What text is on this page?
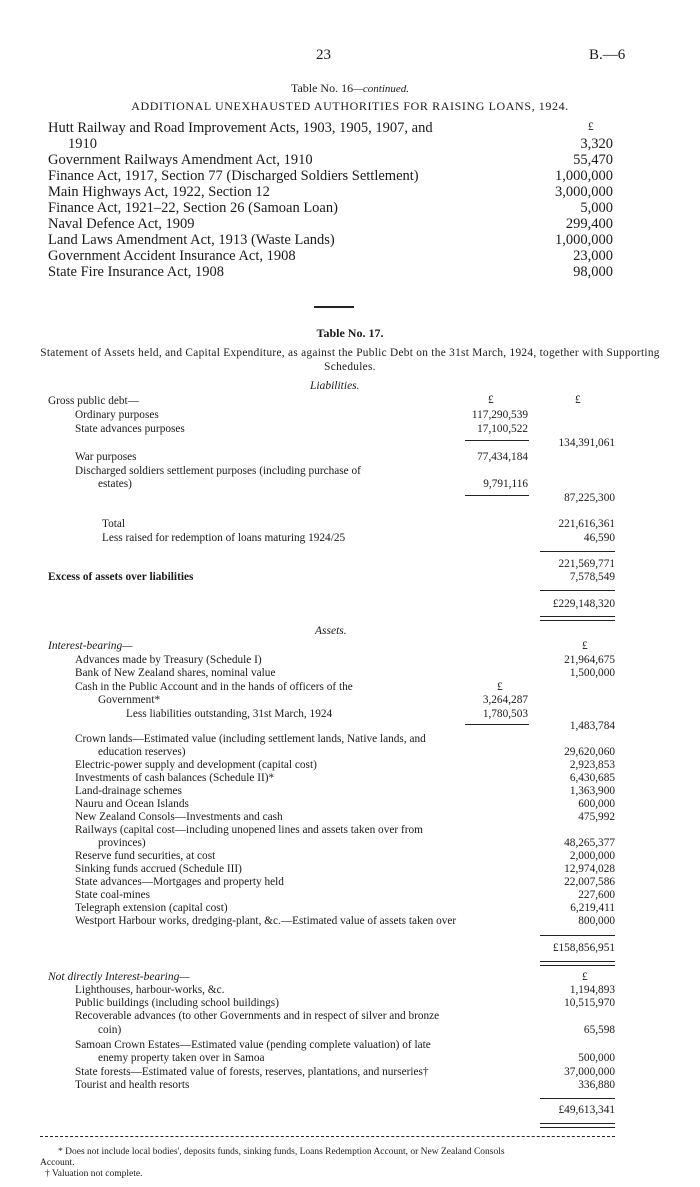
23	B.—6
Table No. 16—continued.
ADDITIONAL UNEXHAUSTED AUTHORITIES FOR RAISING LOANS, 1924.
£
Hutt Railway and Road Improvement Acts, 1903, 1905, 1907, and
1910	3,320
Government Railways Amendment Act, 1910	55,470
Finance Act, 1917, Section 77 (Discharged Soldiers Settlement)	1,000,000
Main Highways Act, 1922, Section 12	3,000,000
Finance Act, 1921–22, Section 26 (Samoan Loan)	5,000
Naval Defence Act, 1909	299,400
Land Laws Amendment Act, 1913 (Waste Lands)	1,000,000
Government Accident Insurance Act, 1908	23,000
State Fire Insurance Act, 1908	98,000
Table No. 17.
Statement of Assets held, and Capital Expenditure, as against the Public Debt on the 31st March, 1924, together with Supporting Schedules.
Liabilities.
£	£
Gross public debt—
Ordinary purposes	117,290,539
State advances purposes	17,100,522
134,391,061
War purposes	77,434,184
Discharged soldiers settlement purposes (including purchase of
estates)	9,791,116
87,225,300
Total	221,616,361
Less raised for redemption of loans maturing 1924/25	46,590
221,569,771
Excess of assets over liabilities	7,578,549
£229,148,320
Assets.
Interest-bearing—	£
Advances made by Treasury (Schedule I)	21,964,675
Bank of New Zealand shares, nominal value	1,500,000
Cash in the Public Account and in the hands of officers of the	£
Government*	3,264,287
Less liabilities outstanding, 31st March, 1924	1,780,503
1,483,784
Crown lands—Estimated value (including settlement lands, Native lands, and
education reserves)	29,620,060
Electric-power supply and development (capital cost)	2,923,853
Investments of cash balances (Schedule II)*	6,430,685
Land-drainage schemes	1,363,900
Nauru and Ocean Islands	600,000
New Zealand Consols—Investments and cash	475,992
Railways (capital cost—including unopened lines and assets taken over from
provinces)	48,265,377
Reserve fund securities, at cost	2,000,000
Sinking funds accrued (Schedule III)	12,974,028
State advances—Mortgages and property held	22,007,586
State coal-mines	227,600
Telegraph extension (capital cost)	6,219,411
Westport Harbour works, dredging-plant, &c.—Estimated value of assets taken over	800,000
£158,856,951
Not directly Interest-bearing—	£
Lighthouses, harbour-works, &c.	1,194,893
Public buildings (including school buildings)	10,515,970
Recoverable advances (to other Governments and in respect of silver and bronze
coin)	65,598
Samoan Crown Estates—Estimated value (pending complete valuation) of late
enemy property taken over in Samoa	500,000
State forests—Estimated value of forests, reserves, plantations, and nurseries†	37,000,000
Tourist and health resorts	336,880
£49,613,341
* Does not include local bodies', deposits funds, sinking funds, Loans Redemption Account, or New Zealand Consols
Account.
† Valuation not complete.
